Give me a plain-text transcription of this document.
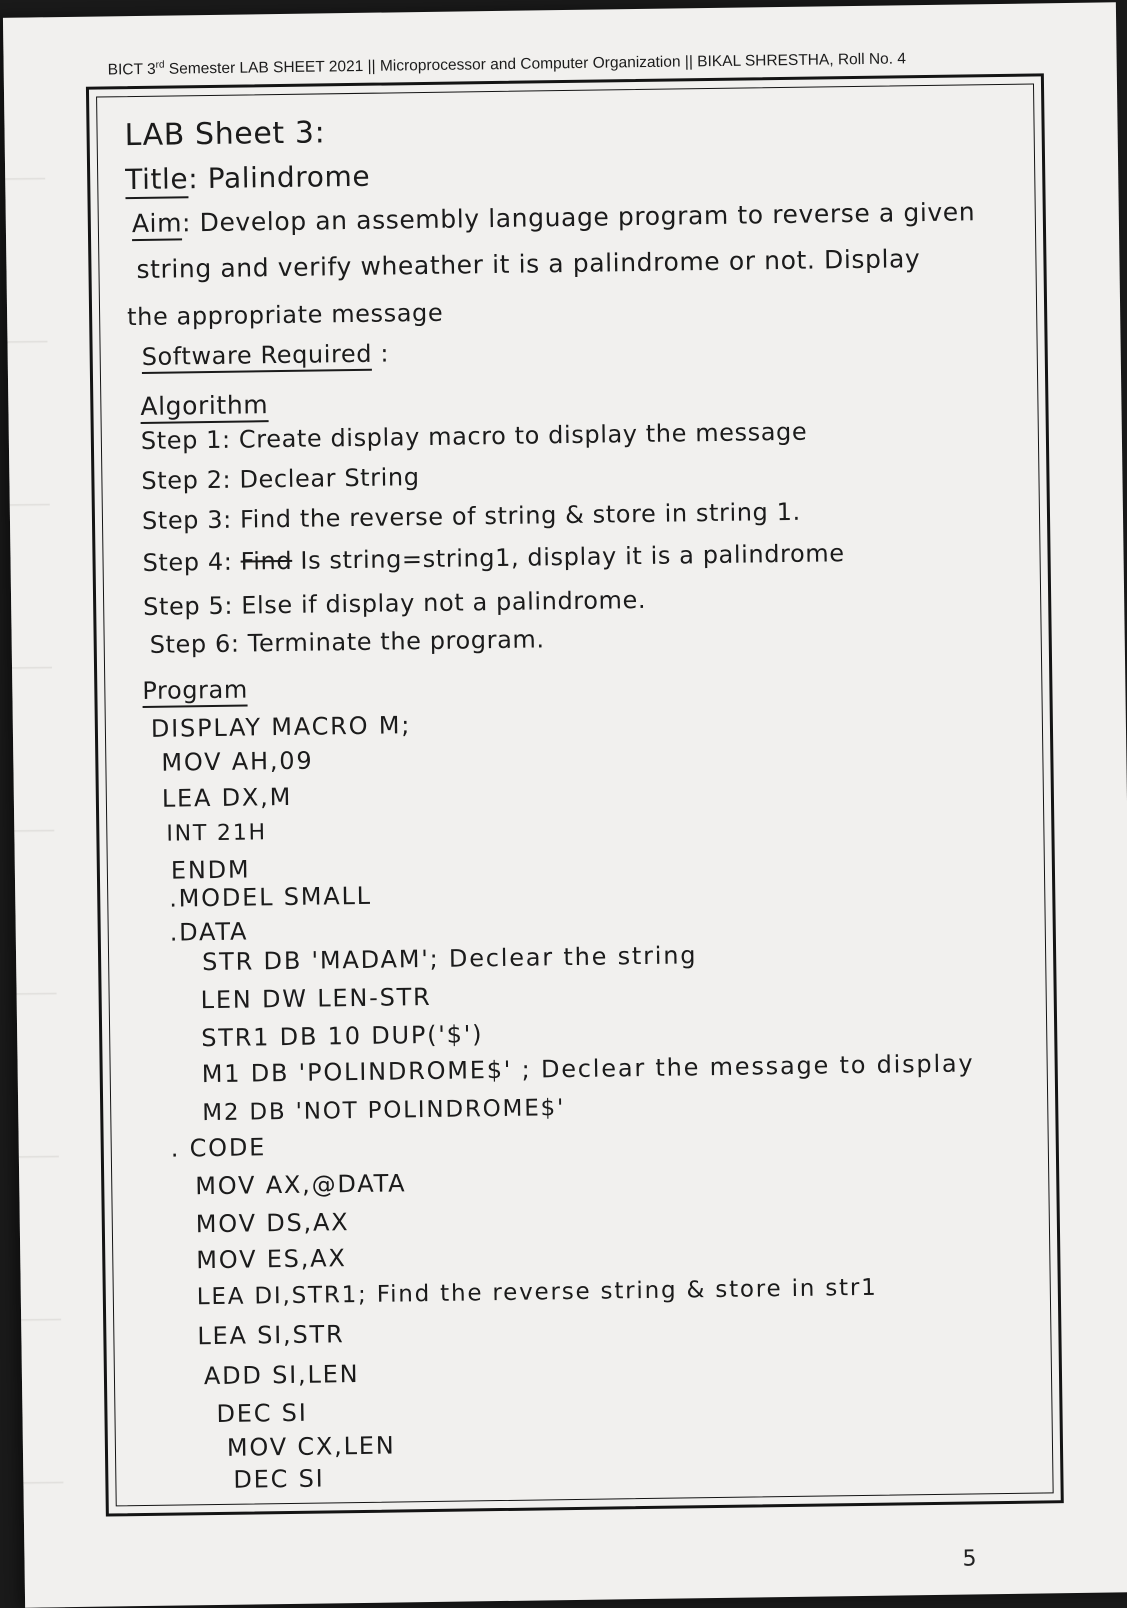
BICT 3rd Semester LAB SHEET 2021 || Microprocessor and Computer Organization || BIKAL SHRESTHA, Roll No. 4
LAB Sheet 3:
Title: Palindrome
Aim: Develop an assembly language program to reverse a given
string and verify wheather it is a palindrome or not. Display
the appropriate message
Software Required :
Algorithm
Step 1: Create display macro to display the message
Step 2: Declear String
Step 3: Find the reverse of string & store in string 1.
Step 4: Find Is string=string1, display it is a palindrome
Step 5: Else if display not a palindrome.
Step 6: Terminate the program.
Program
DISPLAY MACRO M;
MOV AH,09
LEA DX,M
INT 21H
ENDM
.MODEL SMALL
.DATA
STR DB 'MADAM'; Declear the string
LEN DW LEN-STR
STR1 DB 10 DUP('$')
M1 DB 'POLINDROME$' ; Declear the message to display
M2 DB 'NOT POLINDROME$'
. CODE
MOV AX,@DATA
MOV DS,AX
MOV ES,AX
LEA DI,STR1; Find the reverse string & store in str1
LEA SI,STR
ADD SI,LEN
DEC SI
MOV CX,LEN
DEC SI
5
